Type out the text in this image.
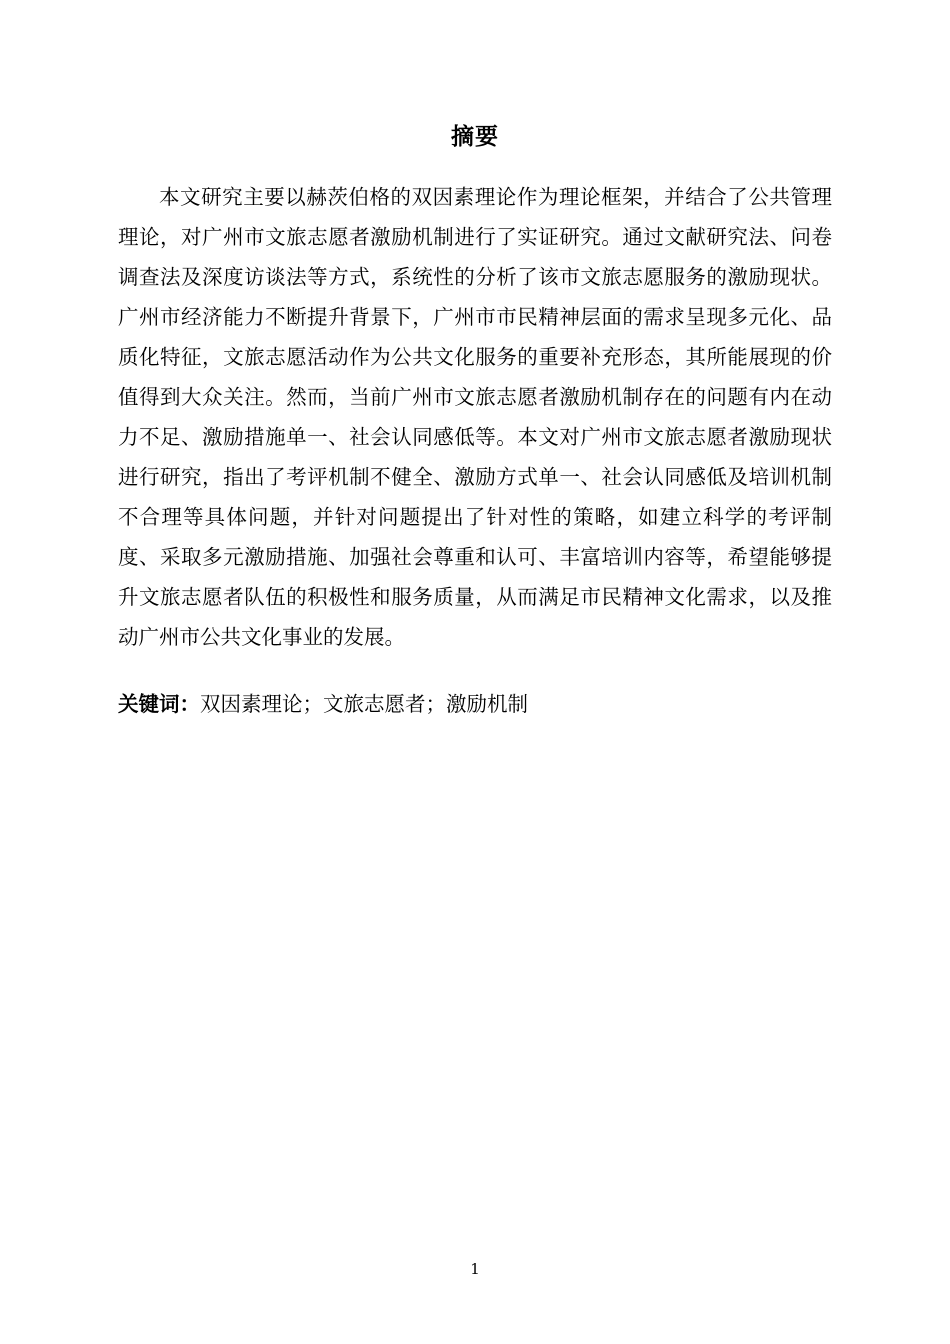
摘要

本文研究主要以赫茨伯格的双因素理论作为理论框架，并结合了公共管理理论，对广州市文旅志愿者激励机制进行了实证研究。通过文献研究法、问卷调查法及深度访谈法等方式，系统性的分析了该市文旅志愿服务的激励现状。广州市经济能力不断提升背景下，广州市市民精神层面的需求呈现多元化、品质化特征，文旅志愿活动作为公共文化服务的重要补充形态，其所能展现的价值得到大众关注。然而，当前广州市文旅志愿者激励机制存在的问题有内在动力不足、激励措施单一、社会认同感低等。本文对广州市文旅志愿者激励现状进行研究，指出了考评机制不健全、激励方式单一、社会认同感低及培训机制不合理等具体问题，并针对问题提出了针对性的策略，如建立科学的考评制度、采取多元激励措施、加强社会尊重和认可、丰富培训内容等，希望能够提升文旅志愿者队伍的积极性和服务质量，从而满足市民精神文化需求，以及推动广州市公共文化事业的发展。

关键词：双因素理论；文旅志愿者；激励机制
1
